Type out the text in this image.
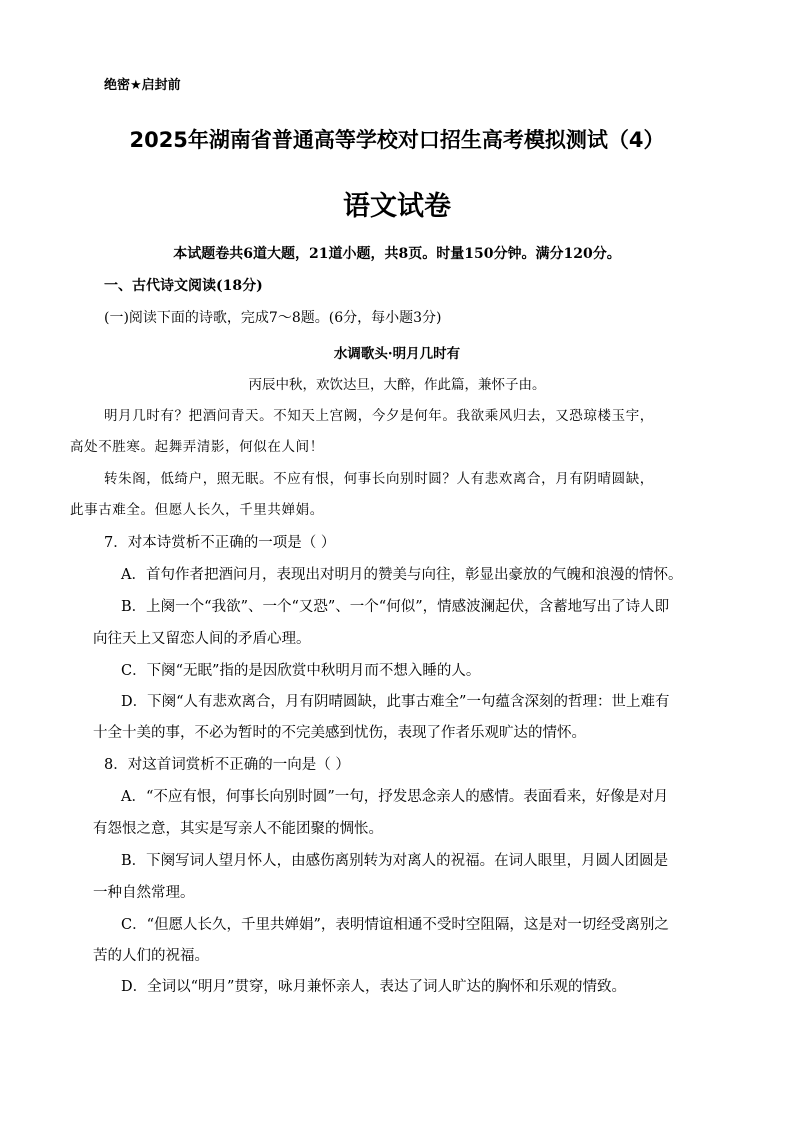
绝密★启封前
2025年湖南省普通高等学校对口招生高考模拟测试（4）
语文试卷
本试题卷共6道大题，21道小题，共8页。时量150分钟。满分120分。
一、古代诗文阅读(18分)
(一)阅读下面的诗歌，完成7～8题。(6分，每小题3分)
水调歌头·明月几时有
丙辰中秋，欢饮达旦，大醉，作此篇，兼怀子由。
明月几时有？把酒问青天。不知天上宫阙，今夕是何年。我欲乘风归去，又恐琼楼玉宇，
高处不胜寒。起舞弄清影，何似在人间！
转朱阁，低绮户，照无眠。不应有恨，何事长向别时圆？人有悲欢离合，月有阴晴圆缺，
此事古难全。但愿人长久，千里共婵娟。
7．对本诗赏析不正确的一项是（ ）
A．首句作者把酒问月，表现出对明月的赞美与向往，彰显出豪放的气魄和浪漫的情怀。
B．上阕一个“我欲”、一个“又恐”、一个“何似”，情感波澜起伏，含蓄地写出了诗人即
向往天上又留恋人间的矛盾心理。
C．下阕“无眠”指的是因欣赏中秋明月而不想入睡的人。
D．下阕“人有悲欢离合，月有阴晴圆缺，此事古难全”一句蕴含深刻的哲理：世上难有
十全十美的事，不必为暂时的不完美感到忧伤，表现了作者乐观旷达的情怀。
8．对这首词赏析不正确的一向是（ ）
A．“不应有恨，何事长向别时圆”一句，抒发思念亲人的感情。表面看来，好像是对月
有怨恨之意，其实是写亲人不能团聚的惆怅。
B．下阕写词人望月怀人，由感伤离别转为对离人的祝福。在词人眼里，月圆人团圆是
一种自然常理。
C．“但愿人长久，千里共婵娟”，表明情谊相通不受时空阻隔，这是对一切经受离别之
苦的人们的祝福。
D．全词以“明月”贯穿，咏月兼怀亲人，表达了词人旷达的胸怀和乐观的情致。
